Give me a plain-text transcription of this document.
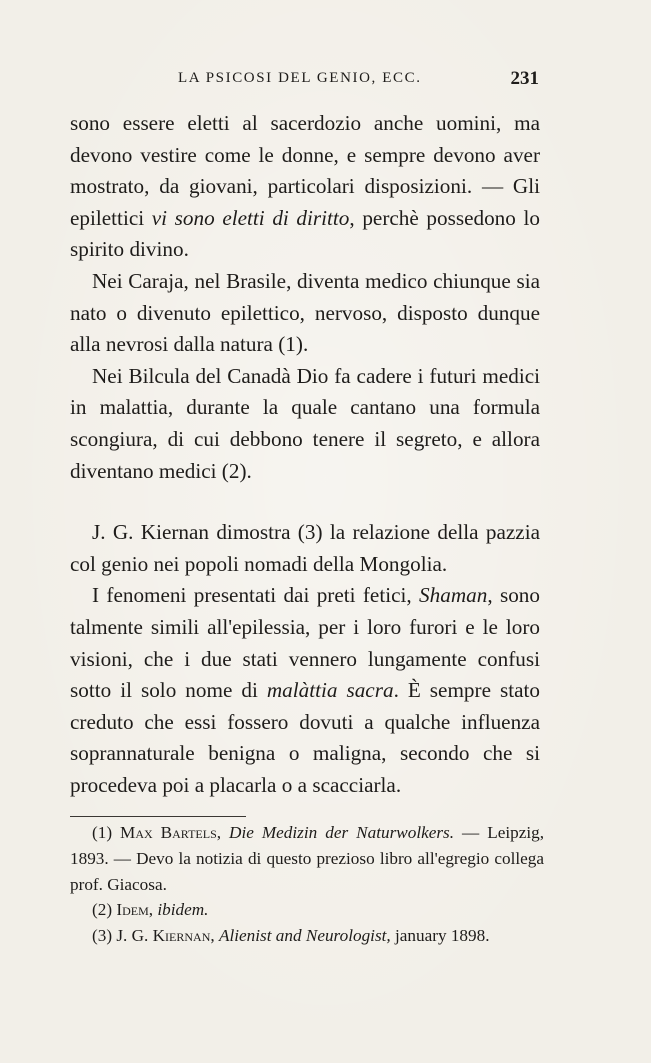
LA PSICOSI DEL GENIO, ECC.	231

sono essere eletti al sacerdozio anche uomini, ma devono vestire come le donne, e sempre devono aver mostrato, da giovani, particolari disposizioni. — Gli epilettici vi sono eletti di diritto, perchè possedono lo spirito divino.

Nei Caraja, nel Brasile, diventa medico chiunque sia nato o divenuto epilettico, nervoso, disposto dunque alla nevrosi dalla natura (1).

Nei Bilcula del Canadà Dio fa cadere i futuri medici in malattia, durante la quale cantano una formula scongiura, di cui debbono tenere il segreto, e allora diventano medici (2).

J. G. Kiernan dimostra (3) la relazione della pazzia col genio nei popoli nomadi della Mongolia.

I fenomeni presentati dai preti fetici, Shaman, sono talmente simili all'epilessia, per i loro furori e le loro visioni, che i due stati vennero lungamente confusi sotto il solo nome di malàttia sacra. È sempre stato creduto che essi fossero dovuti a qualche influenza soprannaturale benigna o maligna, secondo che si procedeva poi a placarla o a scacciarla.

(1) Max Bartels, Die Medizin der Naturwolkers. — Leipzig, 1893. — Devo la notizia di questo prezioso libro all'egregio collega prof. Giacosa.

(2) Idem, ibidem.

(3) J. G. Kiernan, Alienist and Neurologist, january 1898.
